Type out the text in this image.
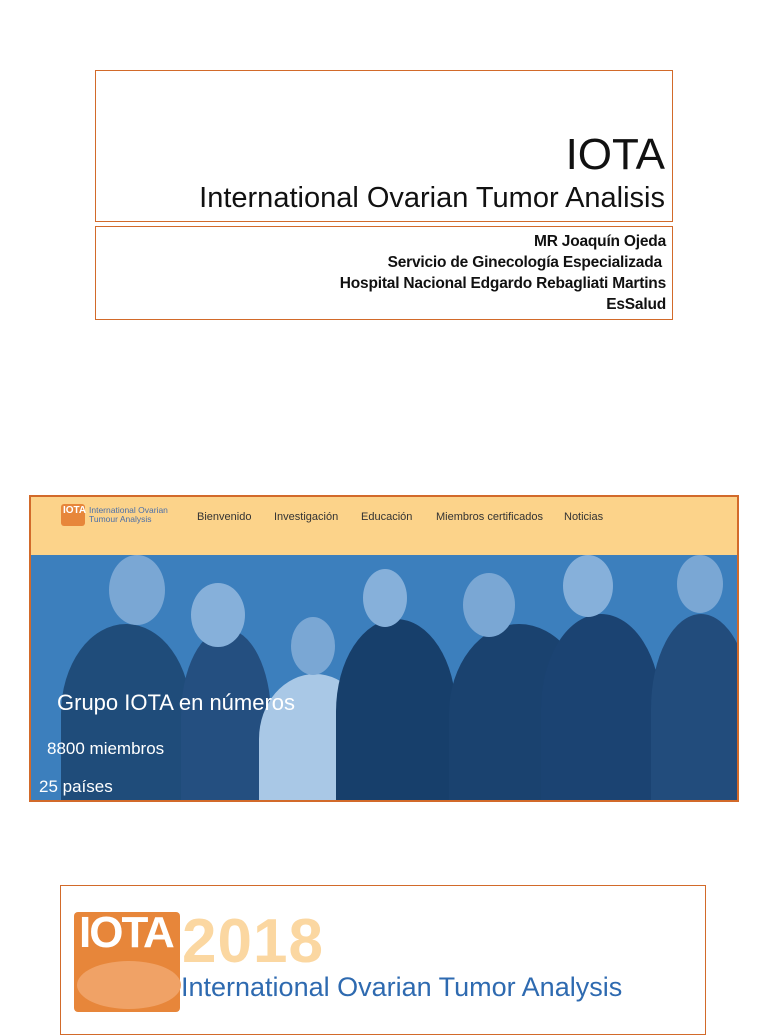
IOTA
International Ovarian Tumor Analisis
MR Joaquín Ojeda
Servicio de Ginecología Especializada
Hospital Nacional Edgardo Rebagliati Martins
EsSalud
IOTA International Ovarian
Tumour Analysis	Bienvenido Investigación Educación Miembros certificados Noticias
Grupo IOTA en números
8800 miembros
25 países
IOTA 2018
International Ovarian Tumor Analysis
